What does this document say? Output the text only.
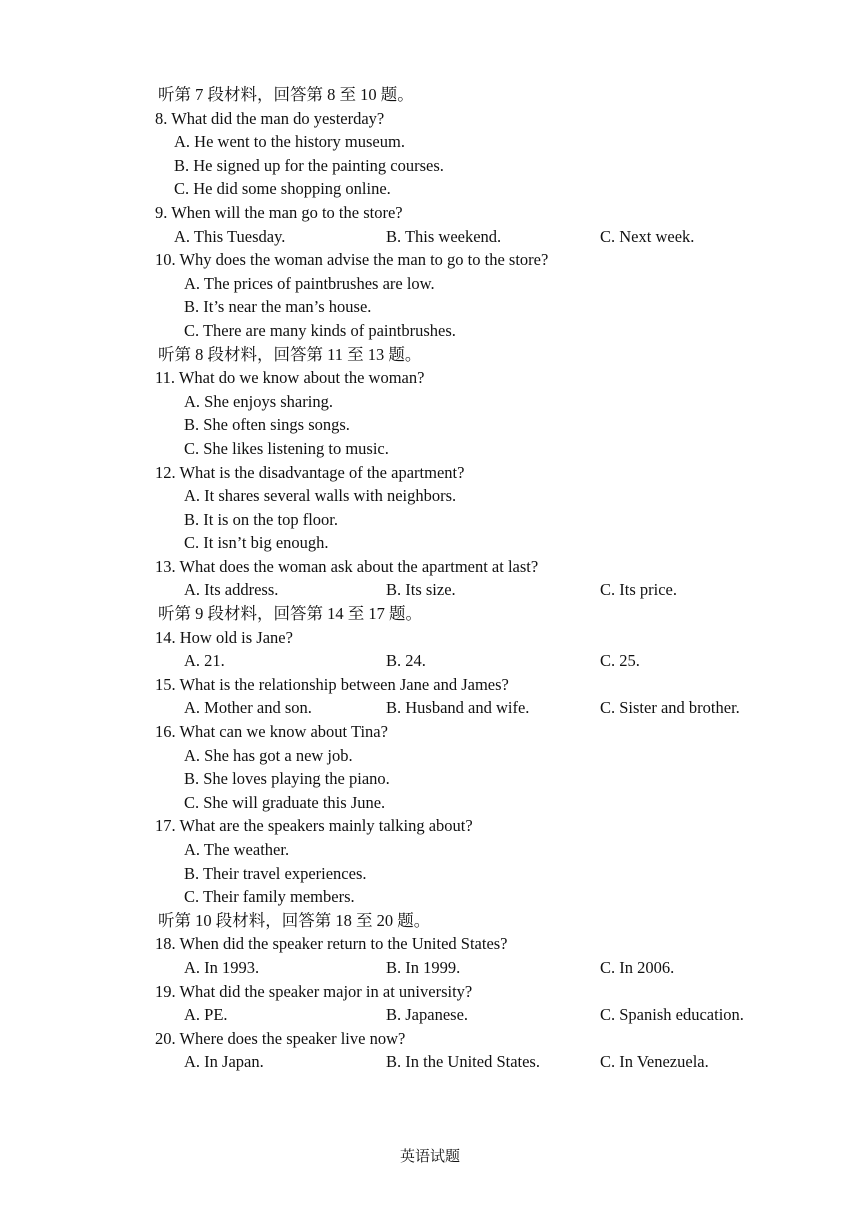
听第 7 段材料，回答第 8 至 10 题。
8. What did the man do yesterday?
A. He went to the history museum.
B. He signed up for the painting courses.
C. He did some shopping online.
9. When will the man go to the store?
A. This Tuesday.	B. This weekend.	C. Next week.
10. Why does the woman advise the man to go to the store?
A. The prices of paintbrushes are low.
B. It’s near the man’s house.
C. There are many kinds of paintbrushes.
听第 8 段材料，回答第 11 至 13 题。
11. What do we know about the woman?
A. She enjoys sharing.
B. She often sings songs.
C. She likes listening to music.
12. What is the disadvantage of the apartment?
A. It shares several walls with neighbors.
B. It is on the top floor.
C. It isn’t big enough.
13. What does the woman ask about the apartment at last?
A. Its address.	B. Its size.	C. Its price.
听第 9 段材料，回答第 14 至 17 题。
14. How old is Jane?
A. 21.	B. 24.	C. 25.
15. What is the relationship between Jane and James?
A. Mother and son.	B. Husband and wife.	C. Sister and brother.
16. What can we know about Tina?
A. She has got a new job.
B. She loves playing the piano.
C. She will graduate this June.
17. What are the speakers mainly talking about?
A. The weather.
B. Their travel experiences.
C. Their family members.
听第 10 段材料，回答第 18 至 20 题。
18. When did the speaker return to the United States?
A. In 1993.	B. In 1999.	C. In 2006.
19. What did the speaker major in at university?
A. PE.	B. Japanese.	C. Spanish education.
20. Where does the speaker live now?
A. In Japan.	B. In the United States.	C. In Venezuela.
英语试题
